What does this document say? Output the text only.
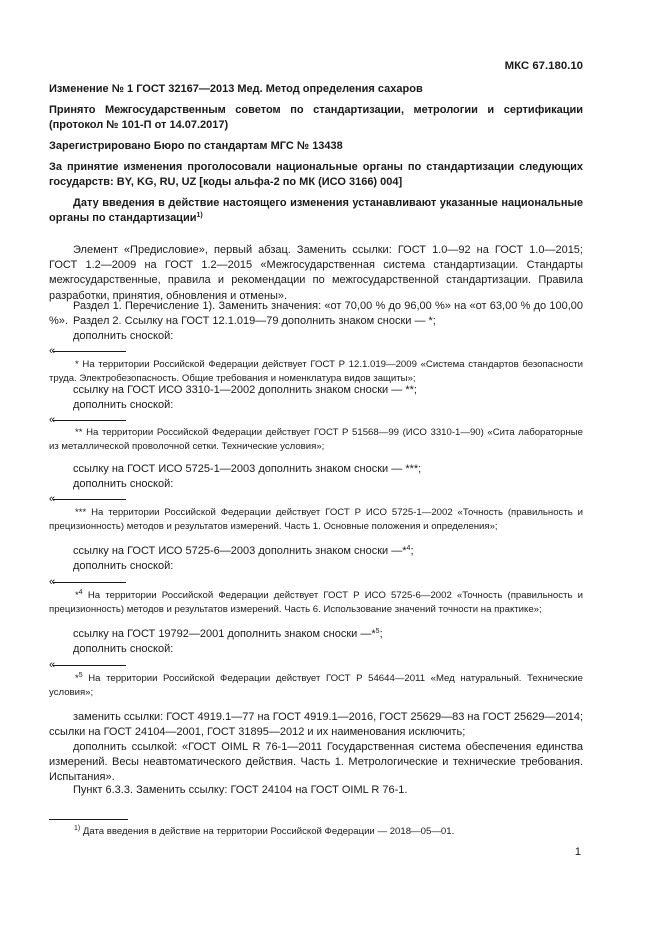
МКС 67.180.10
Изменение № 1 ГОСТ 32167—2013 Мед. Метод определения сахаров
Принято Межгосударственным советом по стандартизации, метрологии и сертификации (протокол № 101-П от 14.07.2017)
Зарегистрировано Бюро по стандартам МГС № 13438
За принятие изменения проголосовали национальные органы по стандартизации следующих государств: BY, KG, RU, UZ [коды альфа-2 по МК (ИСО 3166) 004]
Дату введения в действие настоящего изменения устанавливают указанные национальные органы по стандартизации$^{1)}$
Элемент «Предисловие», первый абзац. Заменить ссылки: ГОСТ 1.0—92 на ГОСТ 1.0—2015; ГОСТ 1.2—2009 на ГОСТ 1.2—2015 «Межгосударственная система стандартизации. Стандарты межгосударственные, правила и рекомендации по межгосударственной стандартизации. Правила разработки, принятия, обновления и отмены».
Раздел 1. Перечисление 1). Заменить значения: «от 70,00 % до 96,00 %» на «от 63,00 % до 100,00 %». Раздел 2. Ссылку на ГОСТ 12.1.019—79 дополнить знаком сноски — *;
дополнить сноской:
«
* На территории Российской Федерации действует ГОСТ Р 12.1.019—2009 «Система стандартов безопасности труда. Электробезопасность. Общие требования и номенклатура видов защиты»;
ссылку на ГОСТ ИСО 3310-1—2002 дополнить знаком сноски — **;
дополнить сноской:
«
** На территории Российской Федерации действует ГОСТ Р 51568—99 (ИСО 3310-1—90) «Сита лабораторные из металлической проволочной сетки. Технические условия»;
ссылку на ГОСТ ИСО 5725-1—2003 дополнить знаком сноски — ***;
дополнить сноской:
«
*** На территории Российской Федерации действует ГОСТ Р ИСО 5725-1—2002 «Точность (правильность и прецизионность) методов и результатов измерений. Часть 1. Основные положения и определения»;
ссылку на ГОСТ ИСО 5725-6—2003 дополнить знаком сноски —*$^4$;
дополнить сноской:
«
*$^4$ На территории Российской Федерации действует ГОСТ Р ИСО 5725-6—2002 «Точность (правильность и прецизионность) методов и результатов измерений. Часть 6. Использование значений точности на практике»;
ссылку на ГОСТ 19792—2001 дополнить знаком сноски —*$^5$;
дополнить сноской:
«
*$^5$ На территории Российской Федерации действует ГОСТ Р 54644—2011 «Мед натуральный. Технические условия»;
заменить ссылки: ГОСТ 4919.1—77 на ГОСТ 4919.1—2016, ГОСТ 25629—83 на ГОСТ 25629—2014; ссылки на ГОСТ 24104—2001, ГОСТ 31895—2012 и их наименования исключить;
дополнить ссылкой: «ГОСТ OIML R 76-1—2011 Государственная система обеспечения единства измерений. Весы неавтоматического действия. Часть 1. Метрологические и технические требования. Испытания».
Пункт 6.3.3. Заменить ссылку: ГОСТ 24104 на ГОСТ OIML R 76-1.
$^{1)}$ Дата введения в действие на территории Российской Федерации — 2018—05—01.
1
